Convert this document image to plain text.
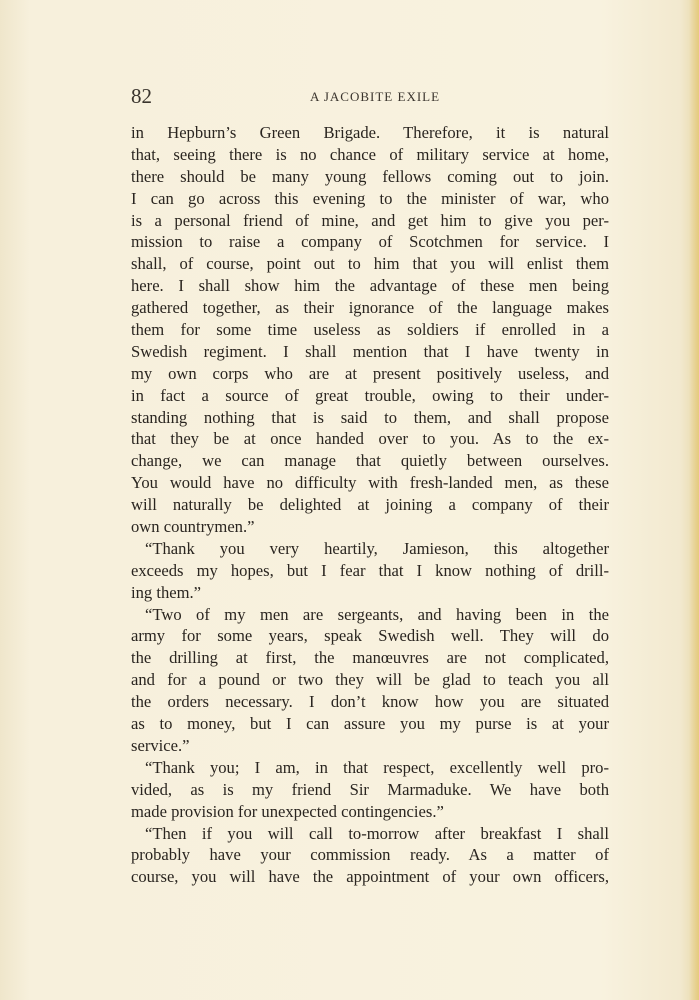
82	A JACOBITE EXILE
in Hepburn’s Green Brigade. Therefore, it is natural
that, seeing there is no chance of military service at home,
there should be many young fellows coming out to join.
I can go across this evening to the minister of war, who
is a personal friend of mine, and get him to give you per-
mission to raise a company of Scotchmen for service. I
shall, of course, point out to him that you will enlist them
here. I shall show him the advantage of these men being
gathered together, as their ignorance of the language makes
them for some time useless as soldiers if enrolled in a
Swedish regiment. I shall mention that I have twenty in
my own corps who are at present positively useless, and
in fact a source of great trouble, owing to their under-
standing nothing that is said to them, and shall propose
that they be at once handed over to you. As to the ex-
change, we can manage that quietly between ourselves.
You would have no difficulty with fresh-landed men, as these
will naturally be delighted at joining a company of their
own countrymen.”
“Thank you very heartily, Jamieson, this altogether
exceeds my hopes, but I fear that I know nothing of drill-
ing them.”
“Two of my men are sergeants, and having been in the
army for some years, speak Swedish well. They will do
the drilling at first, the manœuvres are not complicated,
and for a pound or two they will be glad to teach you all
the orders necessary. I don’t know how you are situated
as to money, but I can assure you my purse is at your
service.”
“Thank you; I am, in that respect, excellently well pro-
vided, as is my friend Sir Marmaduke. We have both
made provision for unexpected contingencies.”
“Then if you will call to-morrow after breakfast I shall
probably have your commission ready. As a matter of
course, you will have the appointment of your own officers,
